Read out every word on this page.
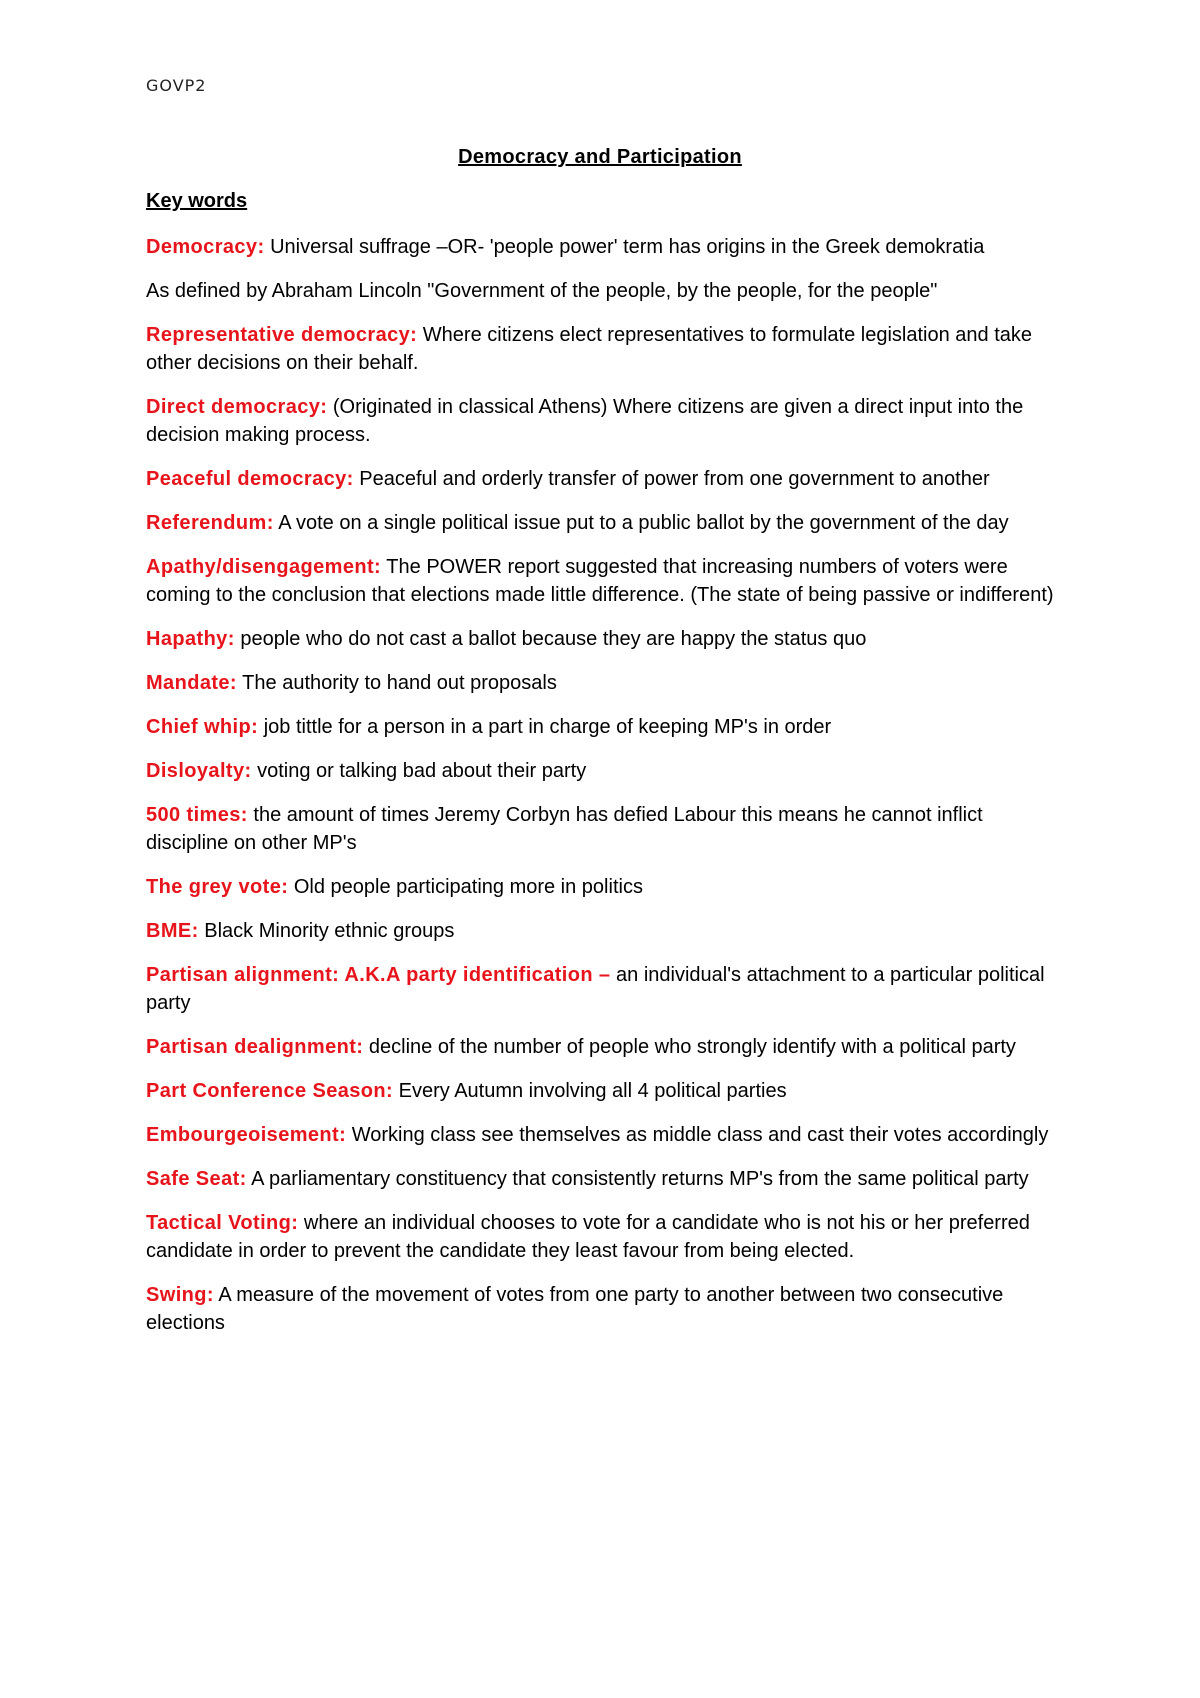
GOVP2
Democracy and Participation
Key words

Democracy: Universal suffrage –OR- 'people power' term has origins in the Greek demokratia

As defined by Abraham Lincoln "Government of the people, by the people, for the people"

Representative democracy: Where citizens elect representatives to formulate legislation and take other decisions on their behalf.

Direct democracy: (Originated in classical Athens) Where citizens are given a direct input into the decision making process.

Peaceful democracy: Peaceful and orderly transfer of power from one government to another

Referendum: A vote on a single political issue put to a public ballot by the government of the day

Apathy/disengagement: The POWER report suggested that increasing numbers of voters were coming to the conclusion that elections made little difference. (The state of being passive or indifferent)

Hapathy: people who do not cast a ballot because they are happy the status quo

Mandate: The authority to hand out proposals

Chief whip: job tittle for a person in a part in charge of keeping MP's in order

Disloyalty: voting or talking bad about their party

500 times: the amount of times Jeremy Corbyn has defied Labour this means he cannot inflict discipline on other MP's

The grey vote: Old people participating more in politics

BME: Black Minority ethnic groups

Partisan alignment: A.K.A party identification – an individual's attachment to a particular political party

Partisan dealignment: decline of the number of people who strongly identify with a political party

Part Conference Season: Every Autumn involving all 4 political parties

Embourgeoisement: Working class see themselves as middle class and cast their votes accordingly

Safe Seat: A parliamentary constituency that consistently returns MP's from the same political party

Tactical Voting: where an individual chooses to vote for a candidate who is not his or her preferred candidate in order to prevent the candidate they least favour from being elected.

Swing: A measure of the movement of votes from one party to another between two consecutive elections
